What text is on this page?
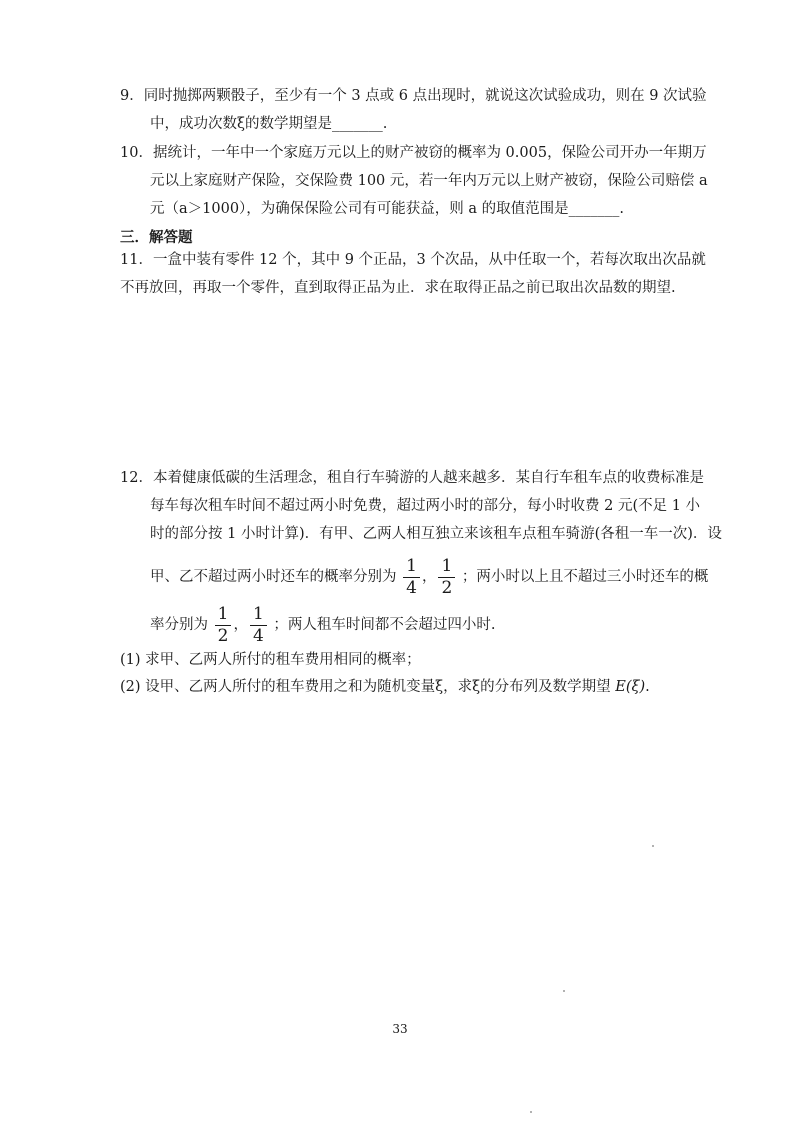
9．同时抛掷两颗骰子，至少有一个 3 点或 6 点出现时，就说这次试验成功，则在 9 次试验
中，成功次数ξ的数学期望是_______.
10．据统计，一年中一个家庭万元以上的财产被窃的概率为 0.005，保险公司开办一年期万
元以上家庭财产保险，交保险费 100 元，若一年内万元以上财产被窃，保险公司赔偿 a
元（a＞1000），为确保保险公司有可能获益，则 a 的取值范围是_______.
三．解答题
11．一盒中装有零件 12 个，其中 9 个正品，3 个次品，从中任取一个，若每次取出次品就
不再放回，再取一个零件，直到取得正品为止．求在取得正品之前已取出次品数的期望.
12．本着健康低碳的生活理念，租自行车骑游的人越来越多．某自行车租车点的收费标准是
每车每次租车时间不超过两小时免费，超过两小时的部分，每小时收费 2 元(不足 1 小
时的部分按 1 小时计算)．有甲、乙两人相互独立来该租车点租车骑游(各租一车一次)．设
甲、乙不超过两小时还车的概率分别为 $\frac{1}{4}$ ， $\frac{1}{2}$ ；两小时以上且不超过三小时还车的概
率分别为 $\frac{1}{2}$ ， $\frac{1}{4}$ ；两人租车时间都不会超过四小时.
(1) 求甲、乙两人所付的租车费用相同的概率；
(2) 设甲、乙两人所付的租车费用之和为随机变量ξ，求ξ的分布列及数学期望 E(ξ).
33
